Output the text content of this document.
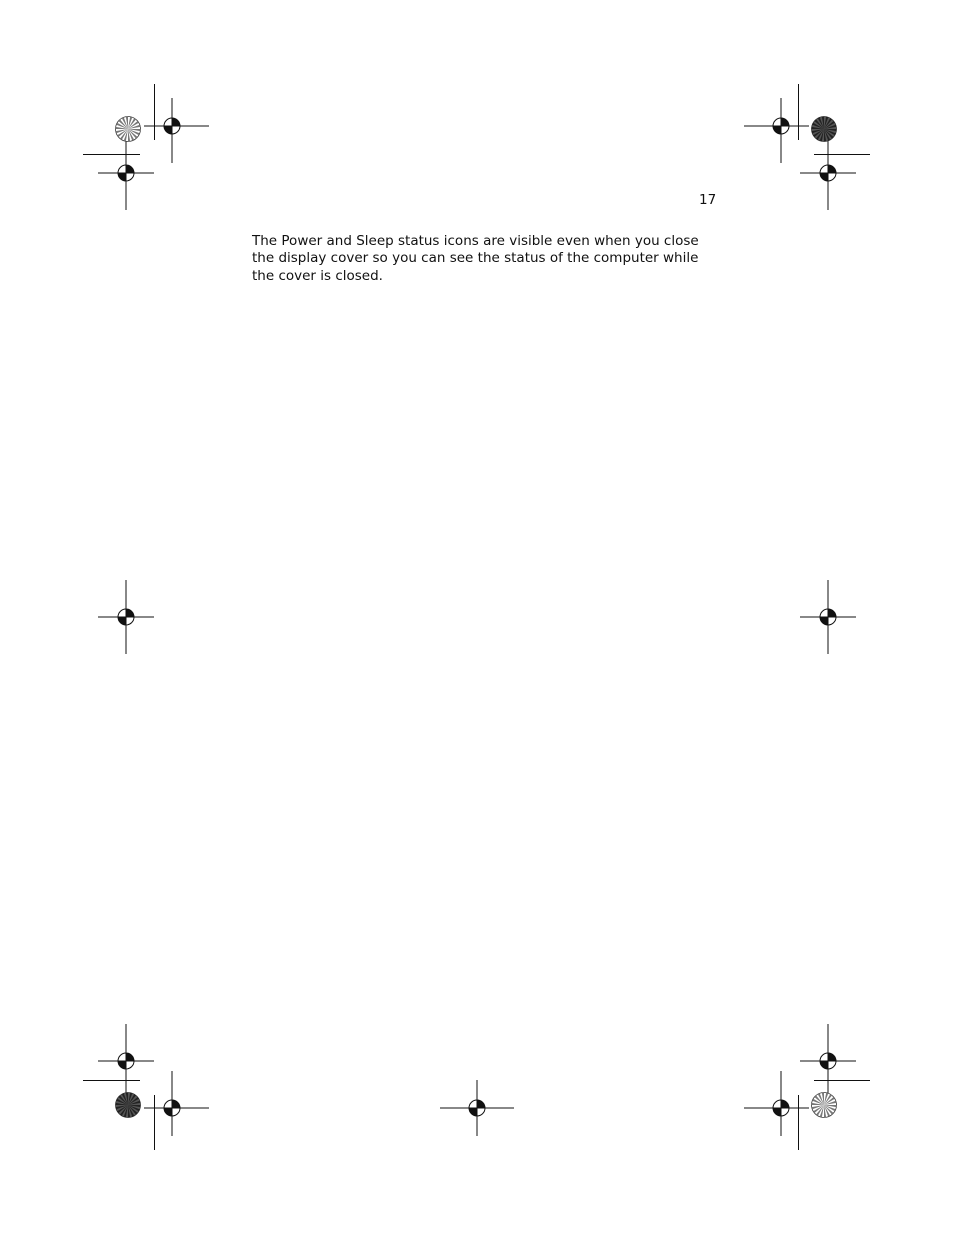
17

The Power and Sleep status icons are visible even when you close the display cover so you can see the status of the computer while the cover is closed.
